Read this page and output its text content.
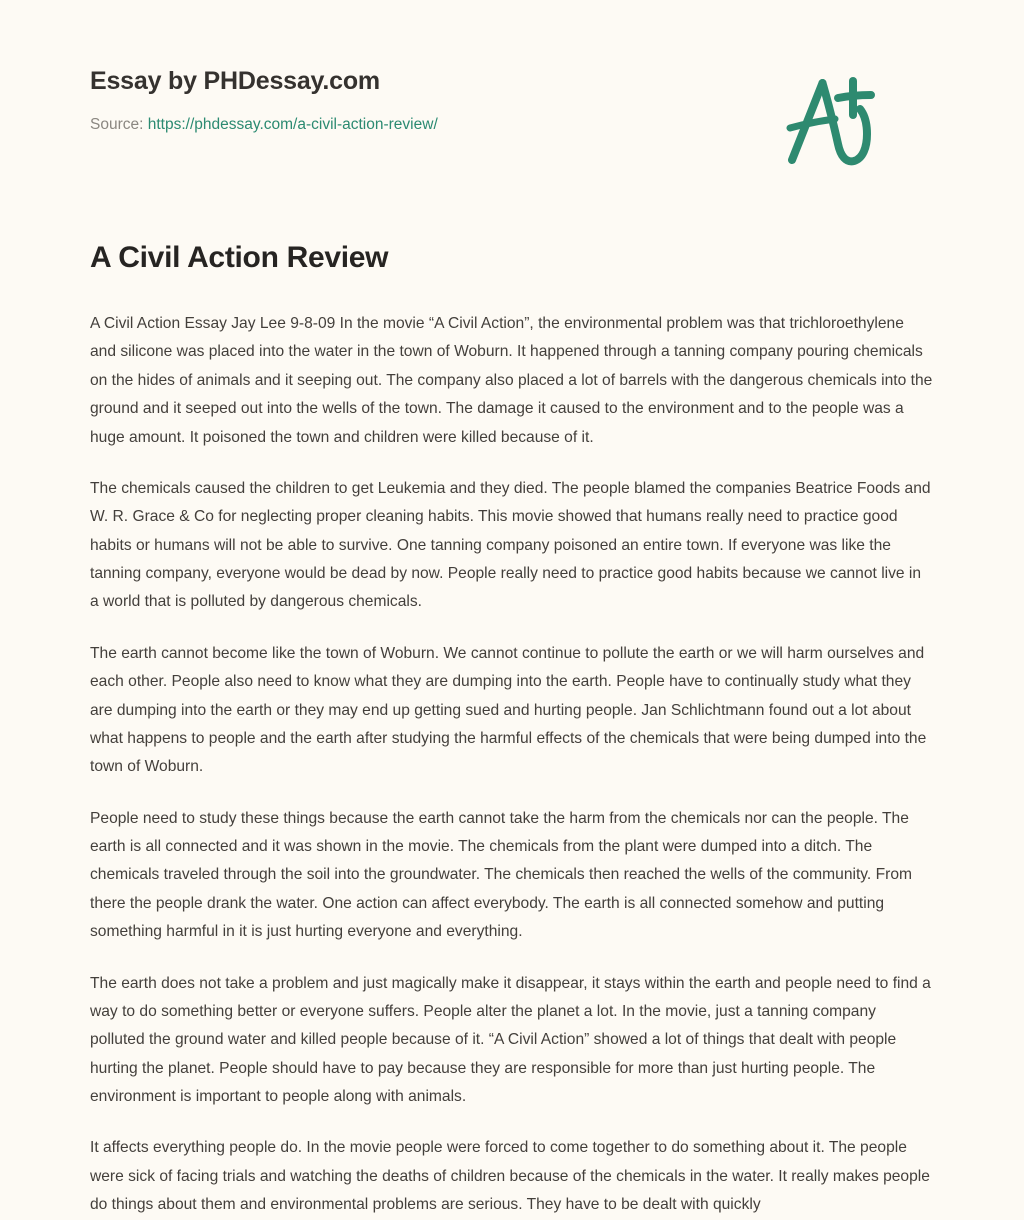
Essay by PHDessay.com
Source: https://phdessay.com/a-civil-action-review/
A Civil Action Review

A Civil Action Essay Jay Lee 9-8-09 In the movie “A Civil Action”, the environmental problem was that trichloroethylene and silicone was placed into the water in the town of Woburn. It happened through a tanning company pouring chemicals on the hides of animals and it seeping out. The company also placed a lot of barrels with the dangerous chemicals into the ground and it seeped out into the wells of the town. The damage it caused to the environment and to the people was a huge amount. It poisoned the town and children were killed because of it.

The chemicals caused the children to get Leukemia and they died. The people blamed the companies Beatrice Foods and W. R. Grace & Co for neglecting proper cleaning habits. This movie showed that humans really need to practice good habits or humans will not be able to survive. One tanning company poisoned an entire town. If everyone was like the tanning company, everyone would be dead by now. People really need to practice good habits because we cannot live in a world that is polluted by dangerous chemicals.

The earth cannot become like the town of Woburn. We cannot continue to pollute the earth or we will harm ourselves and each other. People also need to know what they are dumping into the earth. People have to continually study what they are dumping into the earth or they may end up getting sued and hurting people. Jan Schlichtmann found out a lot about what happens to people and the earth after studying the harmful effects of the chemicals that were being dumped into the town of Woburn.

People need to study these things because the earth cannot take the harm from the chemicals nor can the people. The earth is all connected and it was shown in the movie. The chemicals from the plant were dumped into a ditch. The chemicals traveled through the soil into the groundwater. The chemicals then reached the wells of the community. From there the people drank the water. One action can affect everybody. The earth is all connected somehow and putting something harmful in it is just hurting everyone and everything.

The earth does not take a problem and just magically make it disappear, it stays within the earth and people need to find a way to do something better or everyone suffers. People alter the planet a lot. In the movie, just a tanning company polluted the ground water and killed people because of it. “A Civil Action” showed a lot of things that dealt with people hurting the planet. People should have to pay because they are responsible for more than just hurting people. The environment is important to people along with animals.

It affects everything people do. In the movie people were forced to come together to do something about it. The people were sick of facing trials and watching the deaths of children because of the chemicals in the water. It really makes people do things about them and environmental problems are serious. They have to be dealt with quickly
